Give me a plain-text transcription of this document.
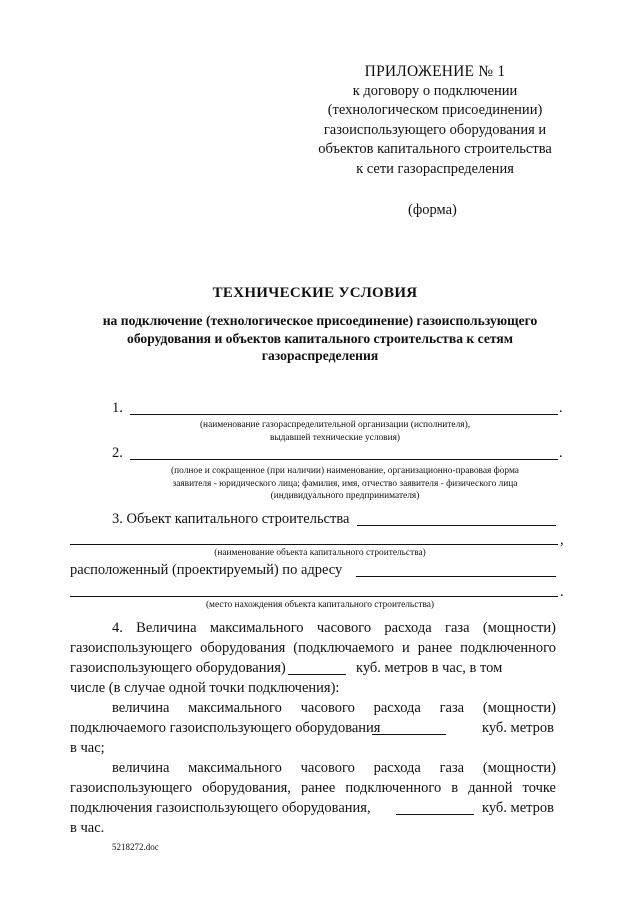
ПРИЛОЖЕНИЕ № 1
к договору о подключении
(технологическом присоединении)
газоиспользующего оборудования и
объектов капитального строительства
к сети газораспределения
(форма)
ТЕХНИЧЕСКИЕ УСЛОВИЯ
на подключение (технологическое присоединение) газоиспользующего
оборудования и объектов капитального строительства к сетям
газораспределения
1.	.
(наименование газораспределительной организации (исполнителя),
выдавшей технические условия)
2.	.
(полное и сокращенное (при наличии) наименование, организационно-правовая форма
заявителя - юридического лица; фамилия, имя, отчество заявителя - физического лица
(индивидуального предпринимателя)
3. Объект капитального строительства
,
(наименование объекта капитального строительства)
расположенный (проектируемый) по адресу
.
(место нахождения объекта капитального строительства)
4. Величина максимального часового расхода газа (мощности)
газоиспользующего оборудования (подключаемого и ранее подключенного
газоиспользующего оборудования)	куб. метров в час, в том
числе (в случае одной точки подключения):
величина максимального часового расхода газа (мощности)
подключаемого газоиспользующего оборудования	куб. метров
в час;
величина максимального часового расхода газа (мощности)
газоиспользующего оборудования, ранее подключенного в данной точке
подключения газоиспользующего оборудования,	куб. метров
в час.
5218272.doc
